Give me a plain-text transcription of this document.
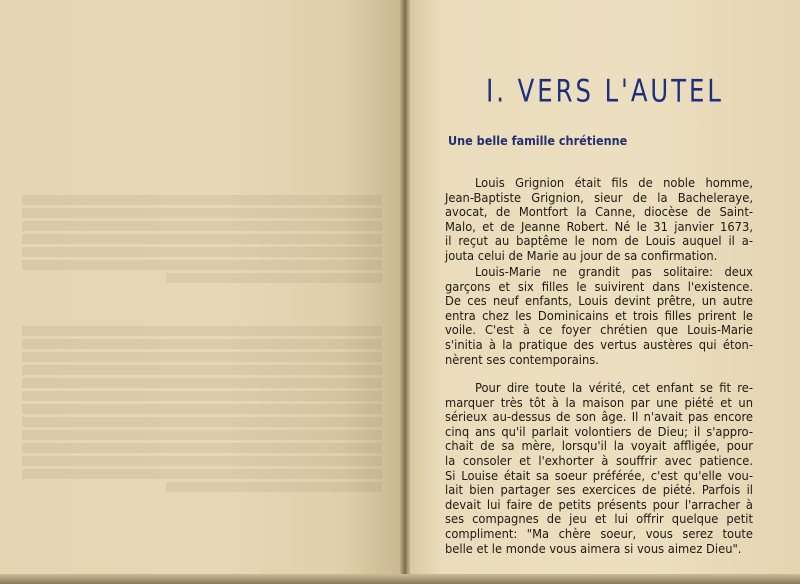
I. VERS L'AUTEL
Une belle famille chrétienne
Louis Grignion était fils de noble homme,
Jean-Baptiste Grignion, sieur de la Bacheleraye,
avocat, de Montfort la Canne, diocèse de Saint-
Malo, et de Jeanne Robert. Né le 31 janvier 1673,
il reçut au baptême le nom de Louis auquel il a-
jouta celui de Marie au jour de sa confirmation.
Louis-Marie ne grandit pas solitaire: deux
garçons et six filles le suivirent dans l'existence.
De ces neuf enfants, Louis devint prêtre, un autre
entra chez les Dominicains et trois filles prirent le
voile. C'est à ce foyer chrétien que Louis-Marie
s'initia à la pratique des vertus austères qui éton-
nèrent ses contemporains.
Pour dire toute la vérité, cet enfant se fit re-
marquer très tôt à la maison par une piété et un
sérieux au-dessus de son âge. Il n'avait pas encore
cinq ans qu'il parlait volontiers de Dieu; il s'appro-
chait de sa mère, lorsqu'il la voyait affligée, pour
la consoler et l'exhorter à souffrir avec patience.
Si Louise était sa soeur préférée, c'est qu'elle vou-
lait bien partager ses exercices de piété. Parfois il
devait lui faire de petits présents pour l'arracher à
ses compagnes de jeu et lui offrir quelque petit
compliment: "Ma chère soeur, vous serez toute
belle et le monde vous aimera si vous aimez Dieu".
